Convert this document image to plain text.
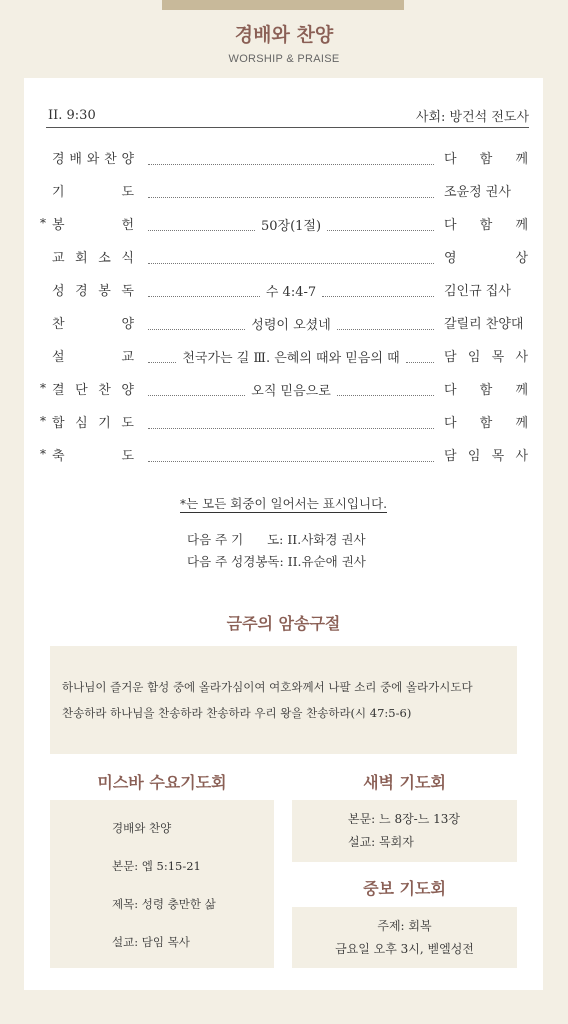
경배와 찬양
WORSHIP & PRAISE
II. 9:30	사회: 방건석 전도사
경 배 와 찬 양	다 함 께
기	도	조윤정 권사
* 봉	헌	50장(1절)	다 함 께
교 회 소 식	영	상
성 경 봉 독	수 4:4-7	김인규 집사
찬	양	성령이 오셨네	갈릴리 찬양대
설	교	천국가는 길 Ⅲ. 은혜의 때와 믿음의 때	담 임 목 사
* 결 단 찬 양	오직 믿음으로	다 함 께
* 합 심 기 도	다 함 께
* 축	도	담 임 목 사
*는 모든 회중이 일어서는 표시입니다.
다음 주 기      도: II.사화경 권사
다음 주 성경봉독: II.유순애 권사
금주의 암송구절
하나님이 즐거운 함성 중에 올라가심이여 여호와께서 나팔 소리 중에 올라가시도다
찬송하라 하나님을 찬송하라 찬송하라 우리 왕을 찬송하라(시 47:5-6)
미스바 수요기도회
경배와 찬양
본문: 엡 5:15-21
제목: 성령 충만한 삶
설교: 담임 목사
새벽 기도회
본문: 느 8장-느 13장
설교: 목회자
중보 기도회
주제: 회복
금요일 오후 3시, 벧엘성전
